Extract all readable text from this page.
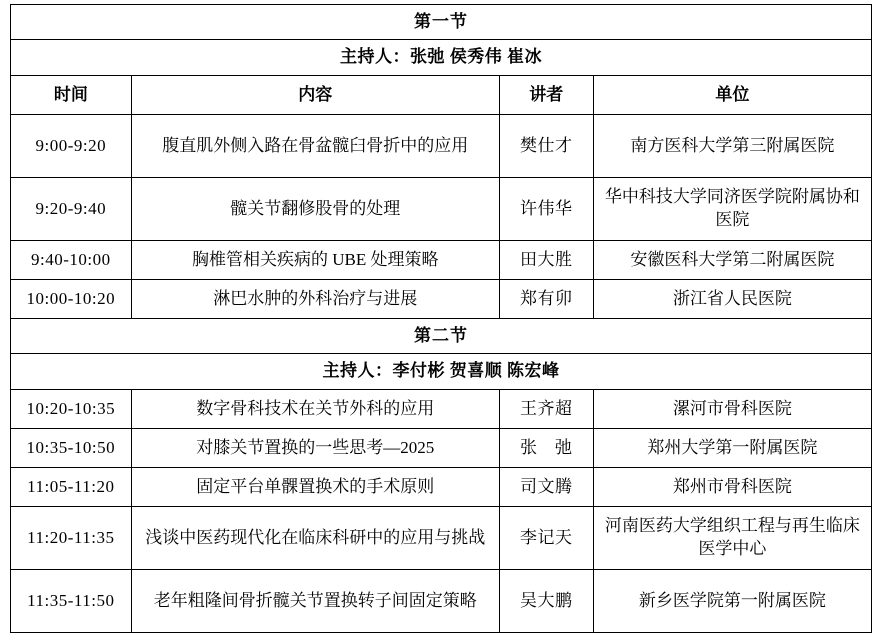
第一节			
主持人：张弛 侯秀伟 崔冰			
时间	内容	讲者	单位
9:00-9:20	腹直肌外侧入路在骨盆髋臼骨折中的应用	樊仕才	南方医科大学第三附属医院
9:20-9:40	髋关节翻修股骨的处理	许伟华	华中科技大学同济医学院附属协和医院
9:40-10:00	胸椎管相关疾病的 UBE 处理策略	田大胜	安徽医科大学第二附属医院
10:00-10:20	淋巴水肿的外科治疗与进展	郑有卯	浙江省人民医院
第二节			
主持人：李付彬 贺喜顺 陈宏峰			
10:20-10:35	数字骨科技术在关节外科的应用	王齐超	漯河市骨科医院
10:35-10:50	对膝关节置换的一些思考—2025	张　弛	郑州大学第一附属医院
11:05-11:20	固定平台单髁置换术的手术原则	司文腾	郑州市骨科医院
11:20-11:35	浅谈中医药现代化在临床科研中的应用与挑战	李记天	河南医药大学组织工程与再生临床医学中心
11:35-11:50	老年粗隆间骨折髋关节置换转子间固定策略	吴大鹏	新乡医学院第一附属医院
